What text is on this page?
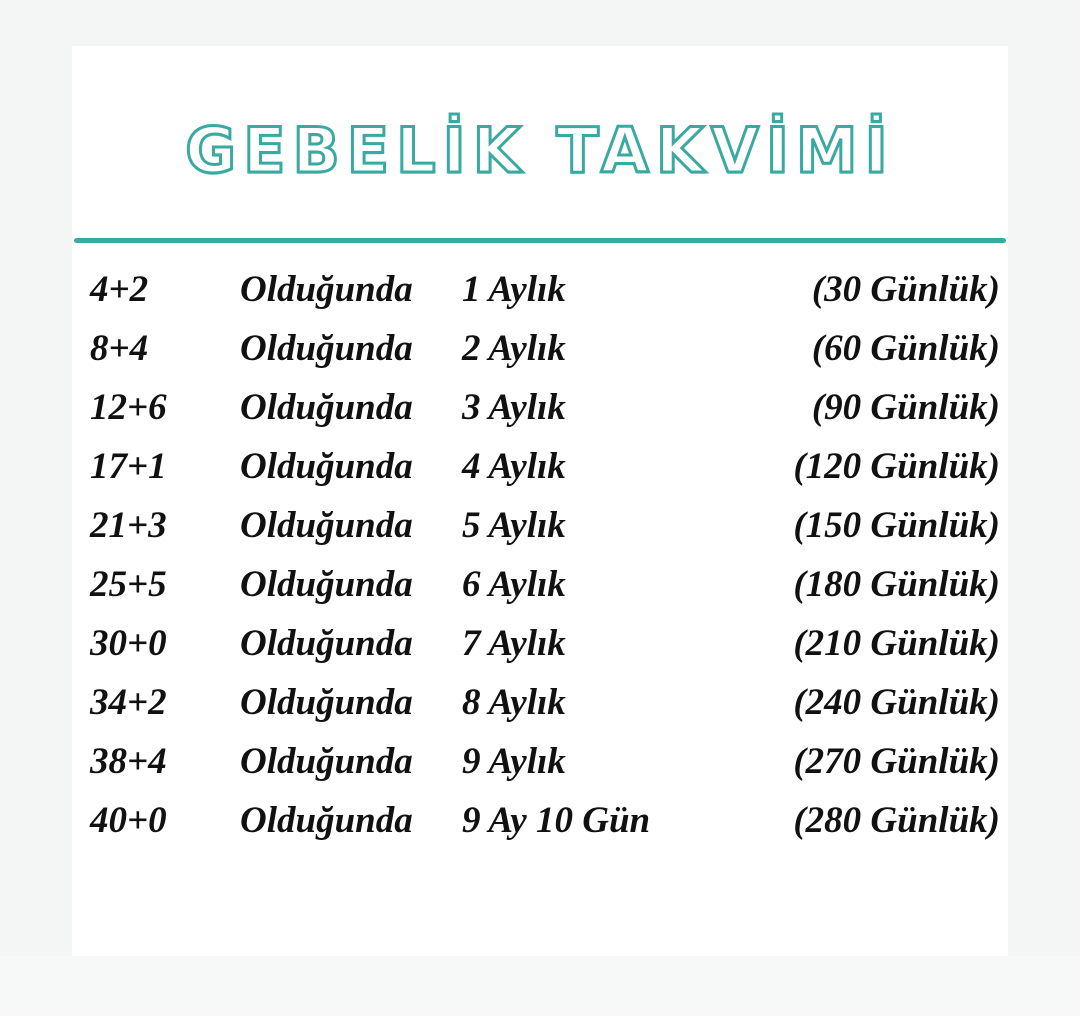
GEBELİK TAKVİMİ
4+2	Olduğunda	1 Aylık	(30 Günlük)
8+4	Olduğunda	2 Aylık	(60 Günlük)
12+6	Olduğunda	3 Aylık	(90 Günlük)
17+1	Olduğunda	4 Aylık	(120 Günlük)
21+3	Olduğunda	5 Aylık	(150 Günlük)
25+5	Olduğunda	6 Aylık	(180 Günlük)
30+0	Olduğunda	7 Aylık	(210 Günlük)
34+2	Olduğunda	8 Aylık	(240 Günlük)
38+4	Olduğunda	9 Aylık	(270 Günlük)
40+0	Olduğunda	9 Ay 10 Gün	(280 Günlük)
